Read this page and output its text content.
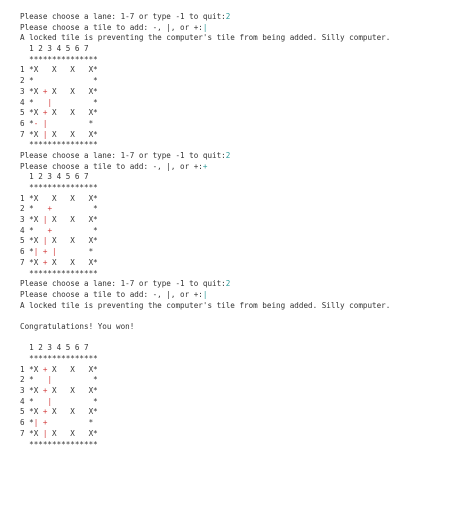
Please choose a lane: 1-7 or type -1 to quit:2
Please choose a tile to add: -, |, or +:|
A locked tile is preventing the computer's tile from being added. Silly computer.
1 2 3 4 5 6 7
***************
1 *X   X   X   X*
2 *             *
3 *X + X   X   X*
4 *   |         *
5 *X + X   X   X*
6 *- |         *
7 *X | X   X   X*
***************
Please choose a lane: 1-7 or type -1 to quit:2
Please choose a tile to add: -, |, or +:+
1 2 3 4 5 6 7
***************
1 *X   X   X   X*
2 *   +         *
3 *X | X   X   X*
4 *   +         *
5 *X | X   X   X*
6 *| + |       *
7 *X + X   X   X*
***************
Please choose a lane: 1-7 or type -1 to quit:2
Please choose a tile to add: -, |, or +:|
A locked tile is preventing the computer's tile from being added. Silly computer.
Congratulations! You won!
1 2 3 4 5 6 7
***************
1 *X + X   X   X*
2 *   |         *
3 *X + X   X   X*
4 *   |         *
5 *X + X   X   X*
6 *| +         *
7 *X | X   X   X*
***************
